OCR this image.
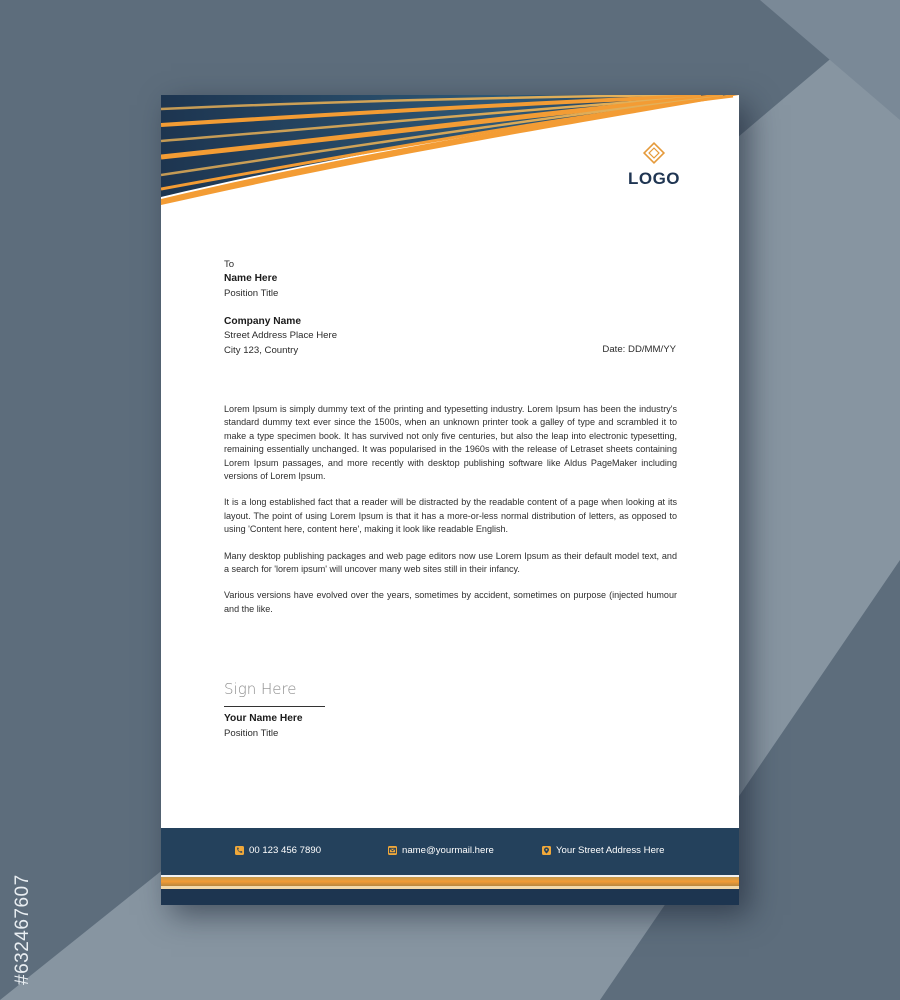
#632467607
LOGO
To
Name Here
Position Title
Company Name
Street Address Place Here
City 123, Country	Date: DD/MM/YY

Lorem Ipsum is simply dummy text of the printing and typesetting industry. Lorem Ipsum has been the industry's standard dummy text ever since the 1500s, when an unknown printer took a galley of type and scrambled it to make a type specimen book. It has survived not only five centuries, but also the leap into electronic typesetting, remaining essentially unchanged. It was popularised in the 1960s with the release of Letraset sheets containing Lorem Ipsum passages, and more recently with desktop publishing software like Aldus PageMaker including versions of Lorem Ipsum.

It is a long established fact that a reader will be distracted by the readable content of a page when looking at its layout. The point of using Lorem Ipsum is that it has a more-or-less normal distribution of letters, as opposed to using 'Content here, content here', making it look like readable English.

Many desktop publishing packages and web page editors now use Lorem Ipsum as their default model text, and a search for 'lorem ipsum' will uncover many web sites still in their infancy.

Various versions have evolved over the years, sometimes by accident, sometimes on purpose (injected humour and the like.

Sign Here
Your Name Here
Position Title
00 123 456 7890	name@yourmail.here	Your Street Address Here
